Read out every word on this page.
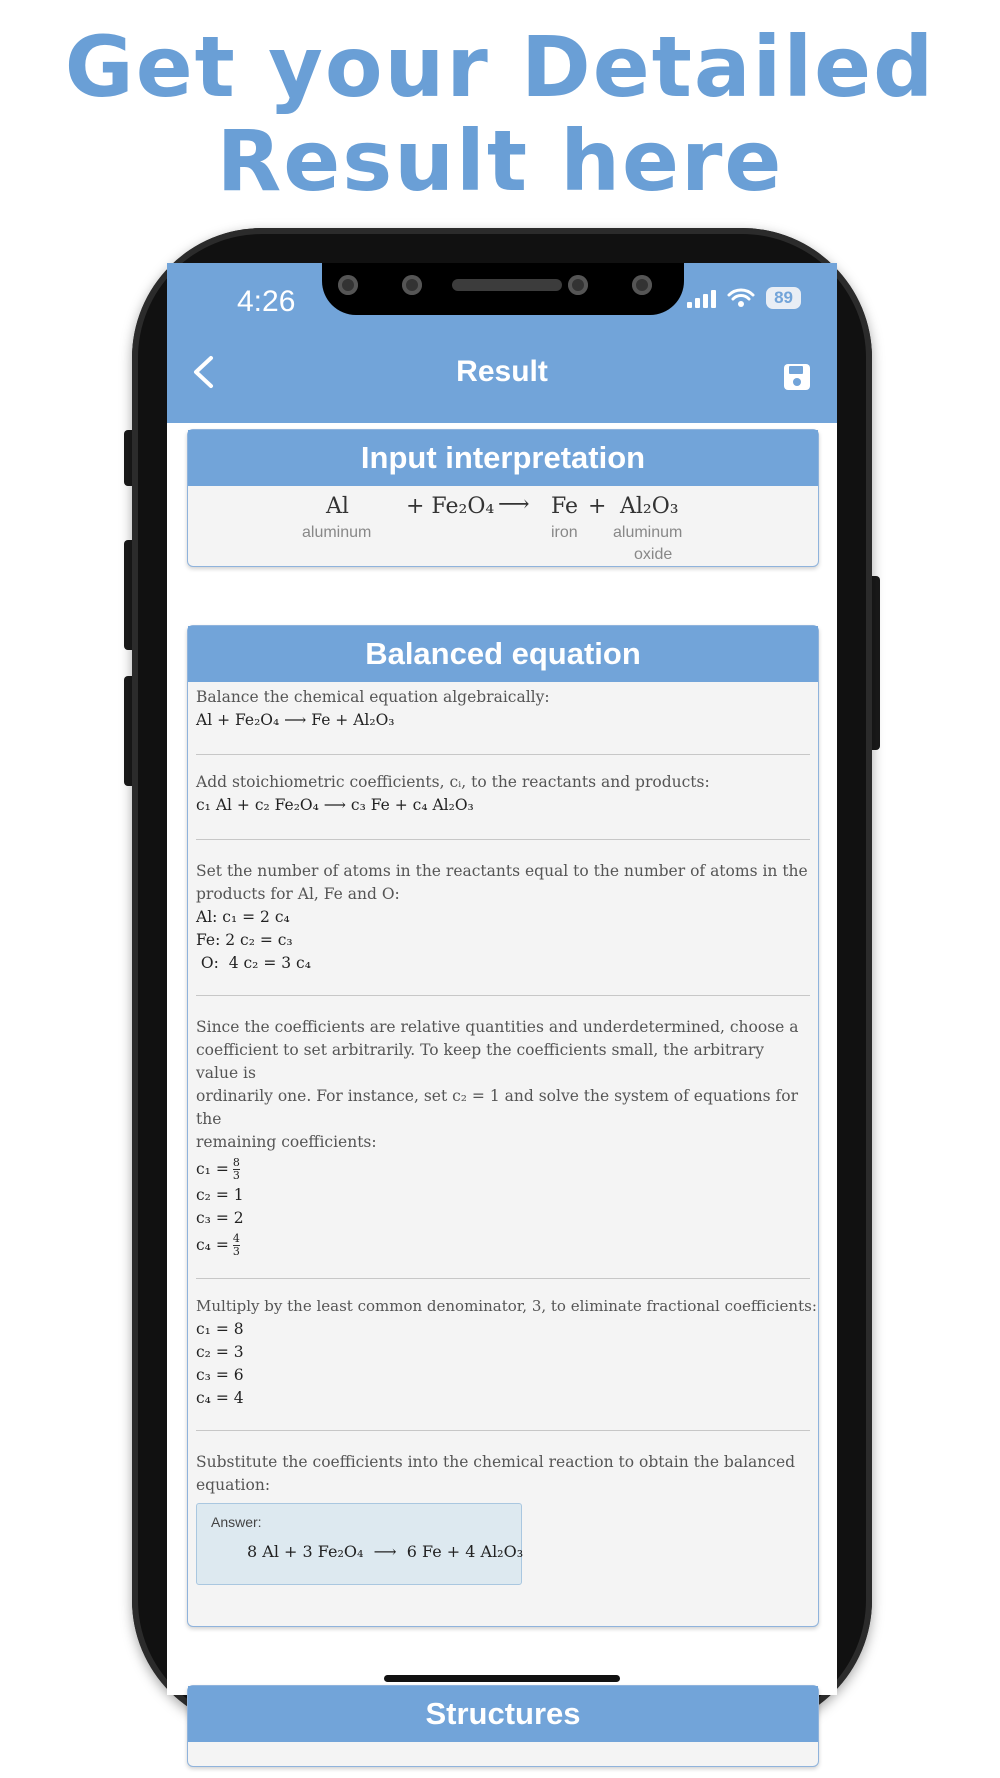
Get your Detailed
Result here
4:26	89
Result
Input interpretation
Al
aluminum
+ Fe₂O₄ ⟶ Fe
iron
+ Al₂O₃
aluminum
oxide
Balanced equation
Balance the chemical equation algebraically:
Al + Fe₂O₄ ⟶ Fe + Al₂O₃
Add stoichiometric coefficients, cᵢ, to the reactants and products:
c₁ Al + c₂ Fe₂O₄ ⟶ c₃ Fe + c₄ Al₂O₃
Set the number of atoms in the reactants equal to the number of atoms in the
products for Al, Fe and O:
Al: c₁ = 2 c₄
Fe: 2 c₂ = c₃
O:  4 c₂ = 3 c₄
Since the coefficients are relative quantities and underdetermined, choose a
coefficient to set arbitrarily. To keep the coefficients small, the arbitrary value is
ordinarily one. For instance, set c₂ = 1 and solve the system of equations for the
remaining coefficients:
$c_1 = \frac{8}{3}$
c₂ = 1
c₃ = 2
$c_4 = \frac{4}{3}$
Multiply by the least common denominator, 3, to eliminate fractional coefficients:
c₁ = 8
c₂ = 3
c₃ = 6
c₄ = 4
Substitute the coefficients into the chemical reaction to obtain the balanced
equation:
Answer:
8 Al + 3 Fe₂O₄  ⟶  6 Fe + 4 Al₂O₃
Structures
